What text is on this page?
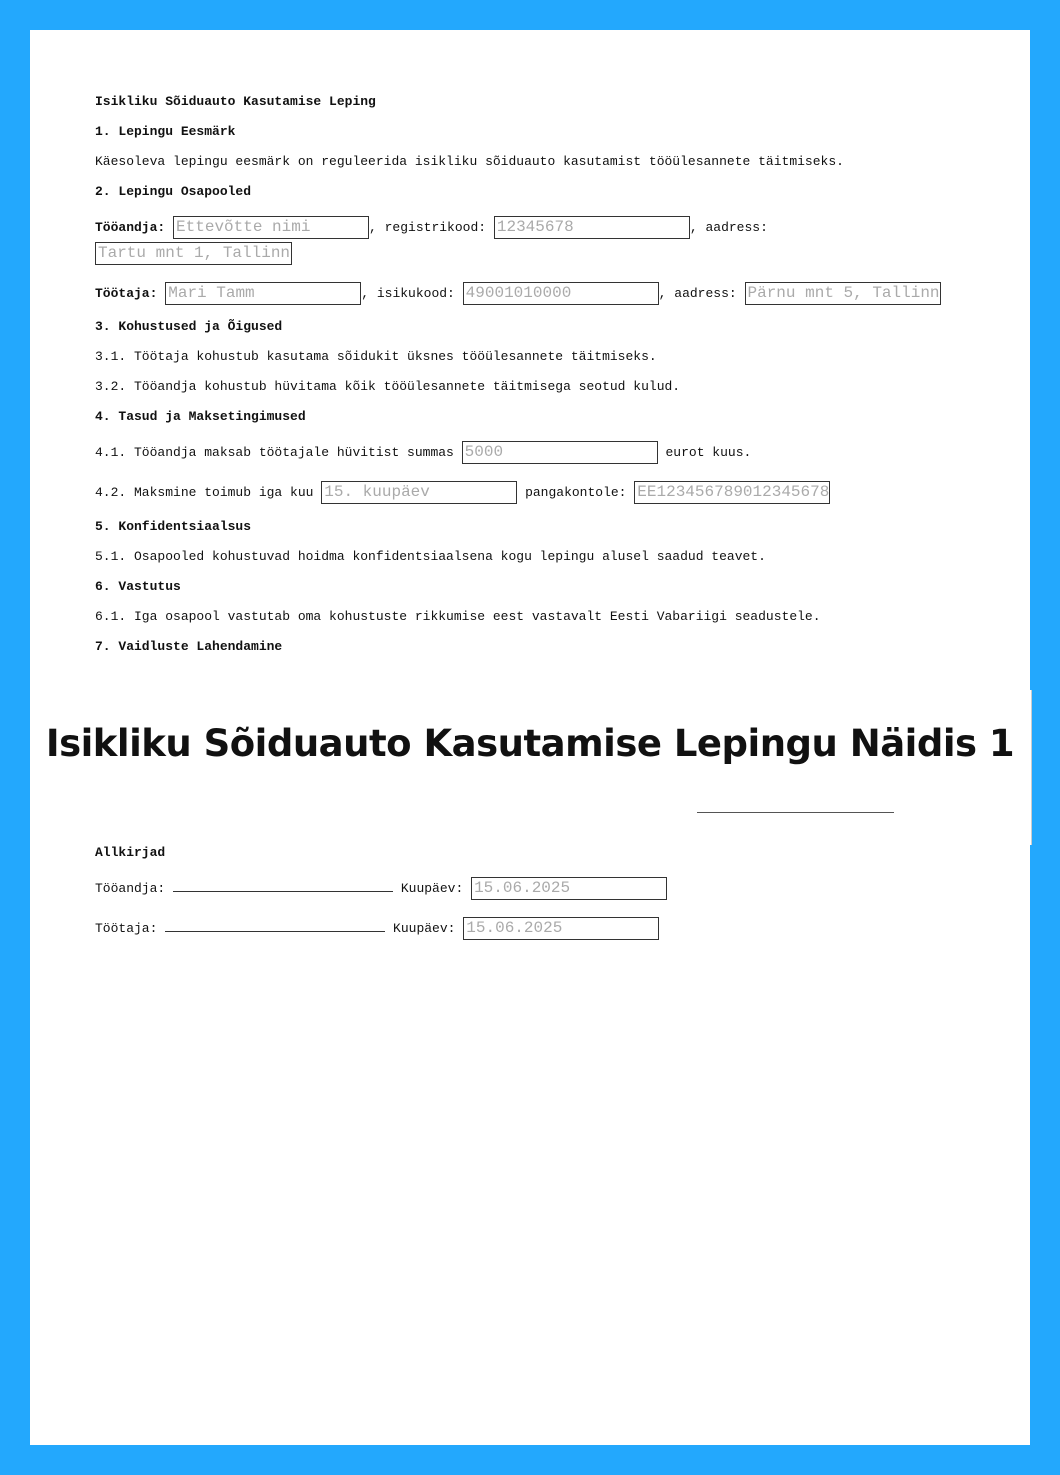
Isikliku Sõiduauto Kasutamise Leping
1. Lepingu Eesmärk
Käesoleva lepingu eesmärk on reguleerida isikliku sõiduauto kasutamist tööülesannete täitmiseks.
2. Lepingu Osapooled
Tööandja: Ettevõtte nimi	, registrikood: 12345678	, aadress:
Tartu mnt 1, Tallinn
Töötaja: Mari Tamm	, isikukood: 49001010000	, aadress: Pärnu mnt 5, Tallinn
3. Kohustused ja Õigused
3.1. Töötaja kohustub kasutama sõidukit üksnes tööülesannete täitmiseks.
3.2. Tööandja kohustub hüvitama kõik tööülesannete täitmisega seotud kulud.
4. Tasud ja Maksetingimused
4.1. Tööandja maksab töötajale hüvitist summas 5000	eurot kuus.
4.2. Maksmine toimub iga kuu 15. kuupäev	pangakontole: EE123456789012345678
5. Konfidentsiaalsus
5.1. Osapooled kohustuvad hoidma konfidentsiaalsena kogu lepingu alusel saadud teavet.
6. Vastutus
6.1. Iga osapool vastutab oma kohustuste rikkumise eest vastavalt Eesti Vabariigi seadustele.
7. Vaidluste Lahendamine
Allkirjad
Tööandja:	Kuupäev: 15.06.2025
Töötaja:	Kuupäev: 15.06.2025
Isikliku Sõiduauto Kasutamise Lepingu Näidis 1
